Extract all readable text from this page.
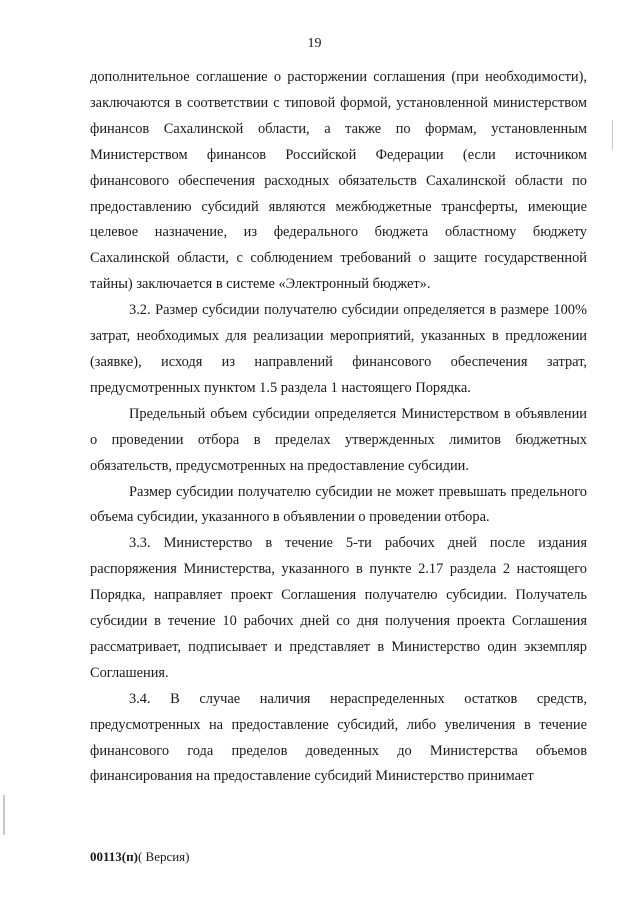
19

дополнительное соглашение о расторжении соглашения (при необходимости), заключаются в соответствии с типовой формой, установленной министерством финансов Сахалинской области, а также по формам, установленным Министерством финансов Российской Федерации (если источником финансового обеспечения расходных обязательств Сахалинской области по предоставлению субсидий являются межбюджетные трансферты, имеющие целевое назначение, из федерального бюджета областному бюджету Сахалинской области, с соблюдением требований о защите государственной тайны) заключается в системе «Электронный бюджет».

3.2. Размер субсидии получателю субсидии определяется в размере 100% затрат, необходимых для реализации мероприятий, указанных в предложении (заявке), исходя из направлений финансового обеспечения затрат, предусмотренных пунктом 1.5 раздела 1 настоящего Порядка.

Предельный объем субсидии определяется Министерством в объявлении о проведении отбора в пределах утвержденных лимитов бюджетных обязательств, предусмотренных на предоставление субсидии.

Размер субсидии получателю субсидии не может превышать предельного объема субсидии, указанного в объявлении о проведении отбора.

3.3. Министерство в течение 5-ти рабочих дней после издания распоряжения Министерства, указанного в пункте 2.17 раздела 2 настоящего Порядка, направляет проект Соглашения получателю субсидии. Получатель субсидии в течение 10 рабочих дней со дня получения проекта Соглашения рассматривает, подписывает и представляет в Министерство один экземпляр Соглашения.

3.4. В случае наличия нераспределенных остатков средств, предусмотренных на предоставление субсидий, либо увеличения в течение финансового года пределов доведенных до Министерства объемов финансирования на предоставление субсидий Министерство принимает

00113(п)( Версия)
